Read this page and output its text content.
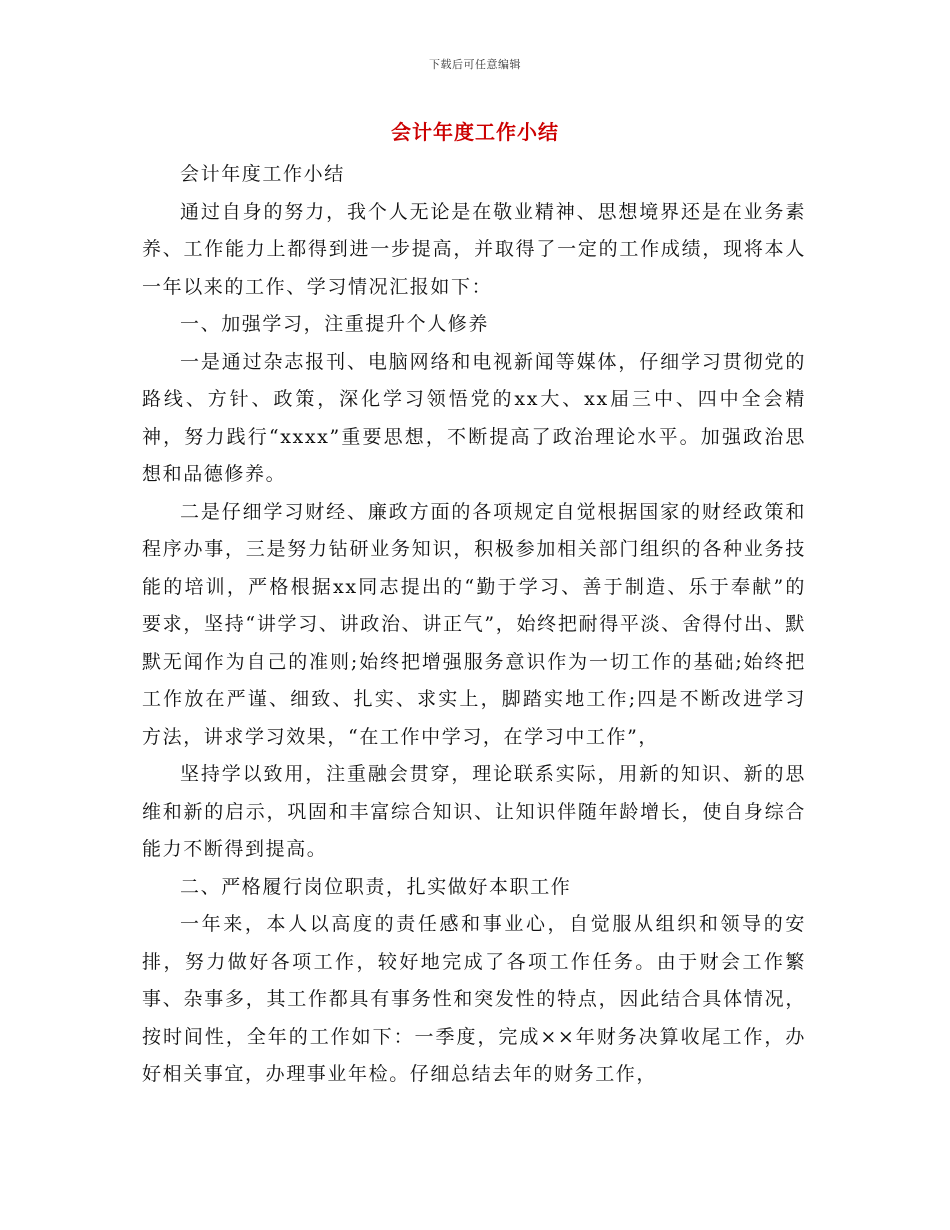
下载后可任意编辑
会计年度工作小结

会计年度工作小结

通过自身的努力，我个人无论是在敬业精神、思想境界还是在业务素养、工作能力上都得到进一步提高，并取得了一定的工作成绩，现将本人一年以来的工作、学习情况汇报如下：

一、加强学习，注重提升个人修养

一是通过杂志报刊、电脑网络和电视新闻等媒体，仔细学习贯彻党的路线、方针、政策，深化学习领悟党的xx大、xx届三中、四中全会精神，努力践行“xxxx”重要思想，不断提高了政治理论水平。加强政治思想和品德修养。

二是仔细学习财经、廉政方面的各项规定自觉根据国家的财经政策和程序办事，三是努力钻研业务知识，积极参加相关部门组织的各种业务技能的培训，严格根据xx同志提出的“勤于学习、善于制造、乐于奉献”的要求，坚持“讲学习、讲政治、讲正气”，始终把耐得平淡、舍得付出、默默无闻作为自己的准则;始终把增强服务意识作为一切工作的基础;始终把工作放在严谨、细致、扎实、求实上，脚踏实地工作;四是不断改进学习方法，讲求学习效果，“在工作中学习，在学习中工作”，

坚持学以致用，注重融会贯穿，理论联系实际，用新的知识、新的思维和新的启示，巩固和丰富综合知识、让知识伴随年龄增长，使自身综合能力不断得到提高。

二、严格履行岗位职责，扎实做好本职工作

一年来，本人以高度的责任感和事业心，自觉服从组织和领导的安排，努力做好各项工作，较好地完成了各项工作任务。由于财会工作繁事、杂事多，其工作都具有事务性和突发性的特点，因此结合具体情况，按时间性，全年的工作如下：一季度，完成××年财务决算收尾工作，办好相关事宜，办理事业年检。仔细总结去年的财务工作，
